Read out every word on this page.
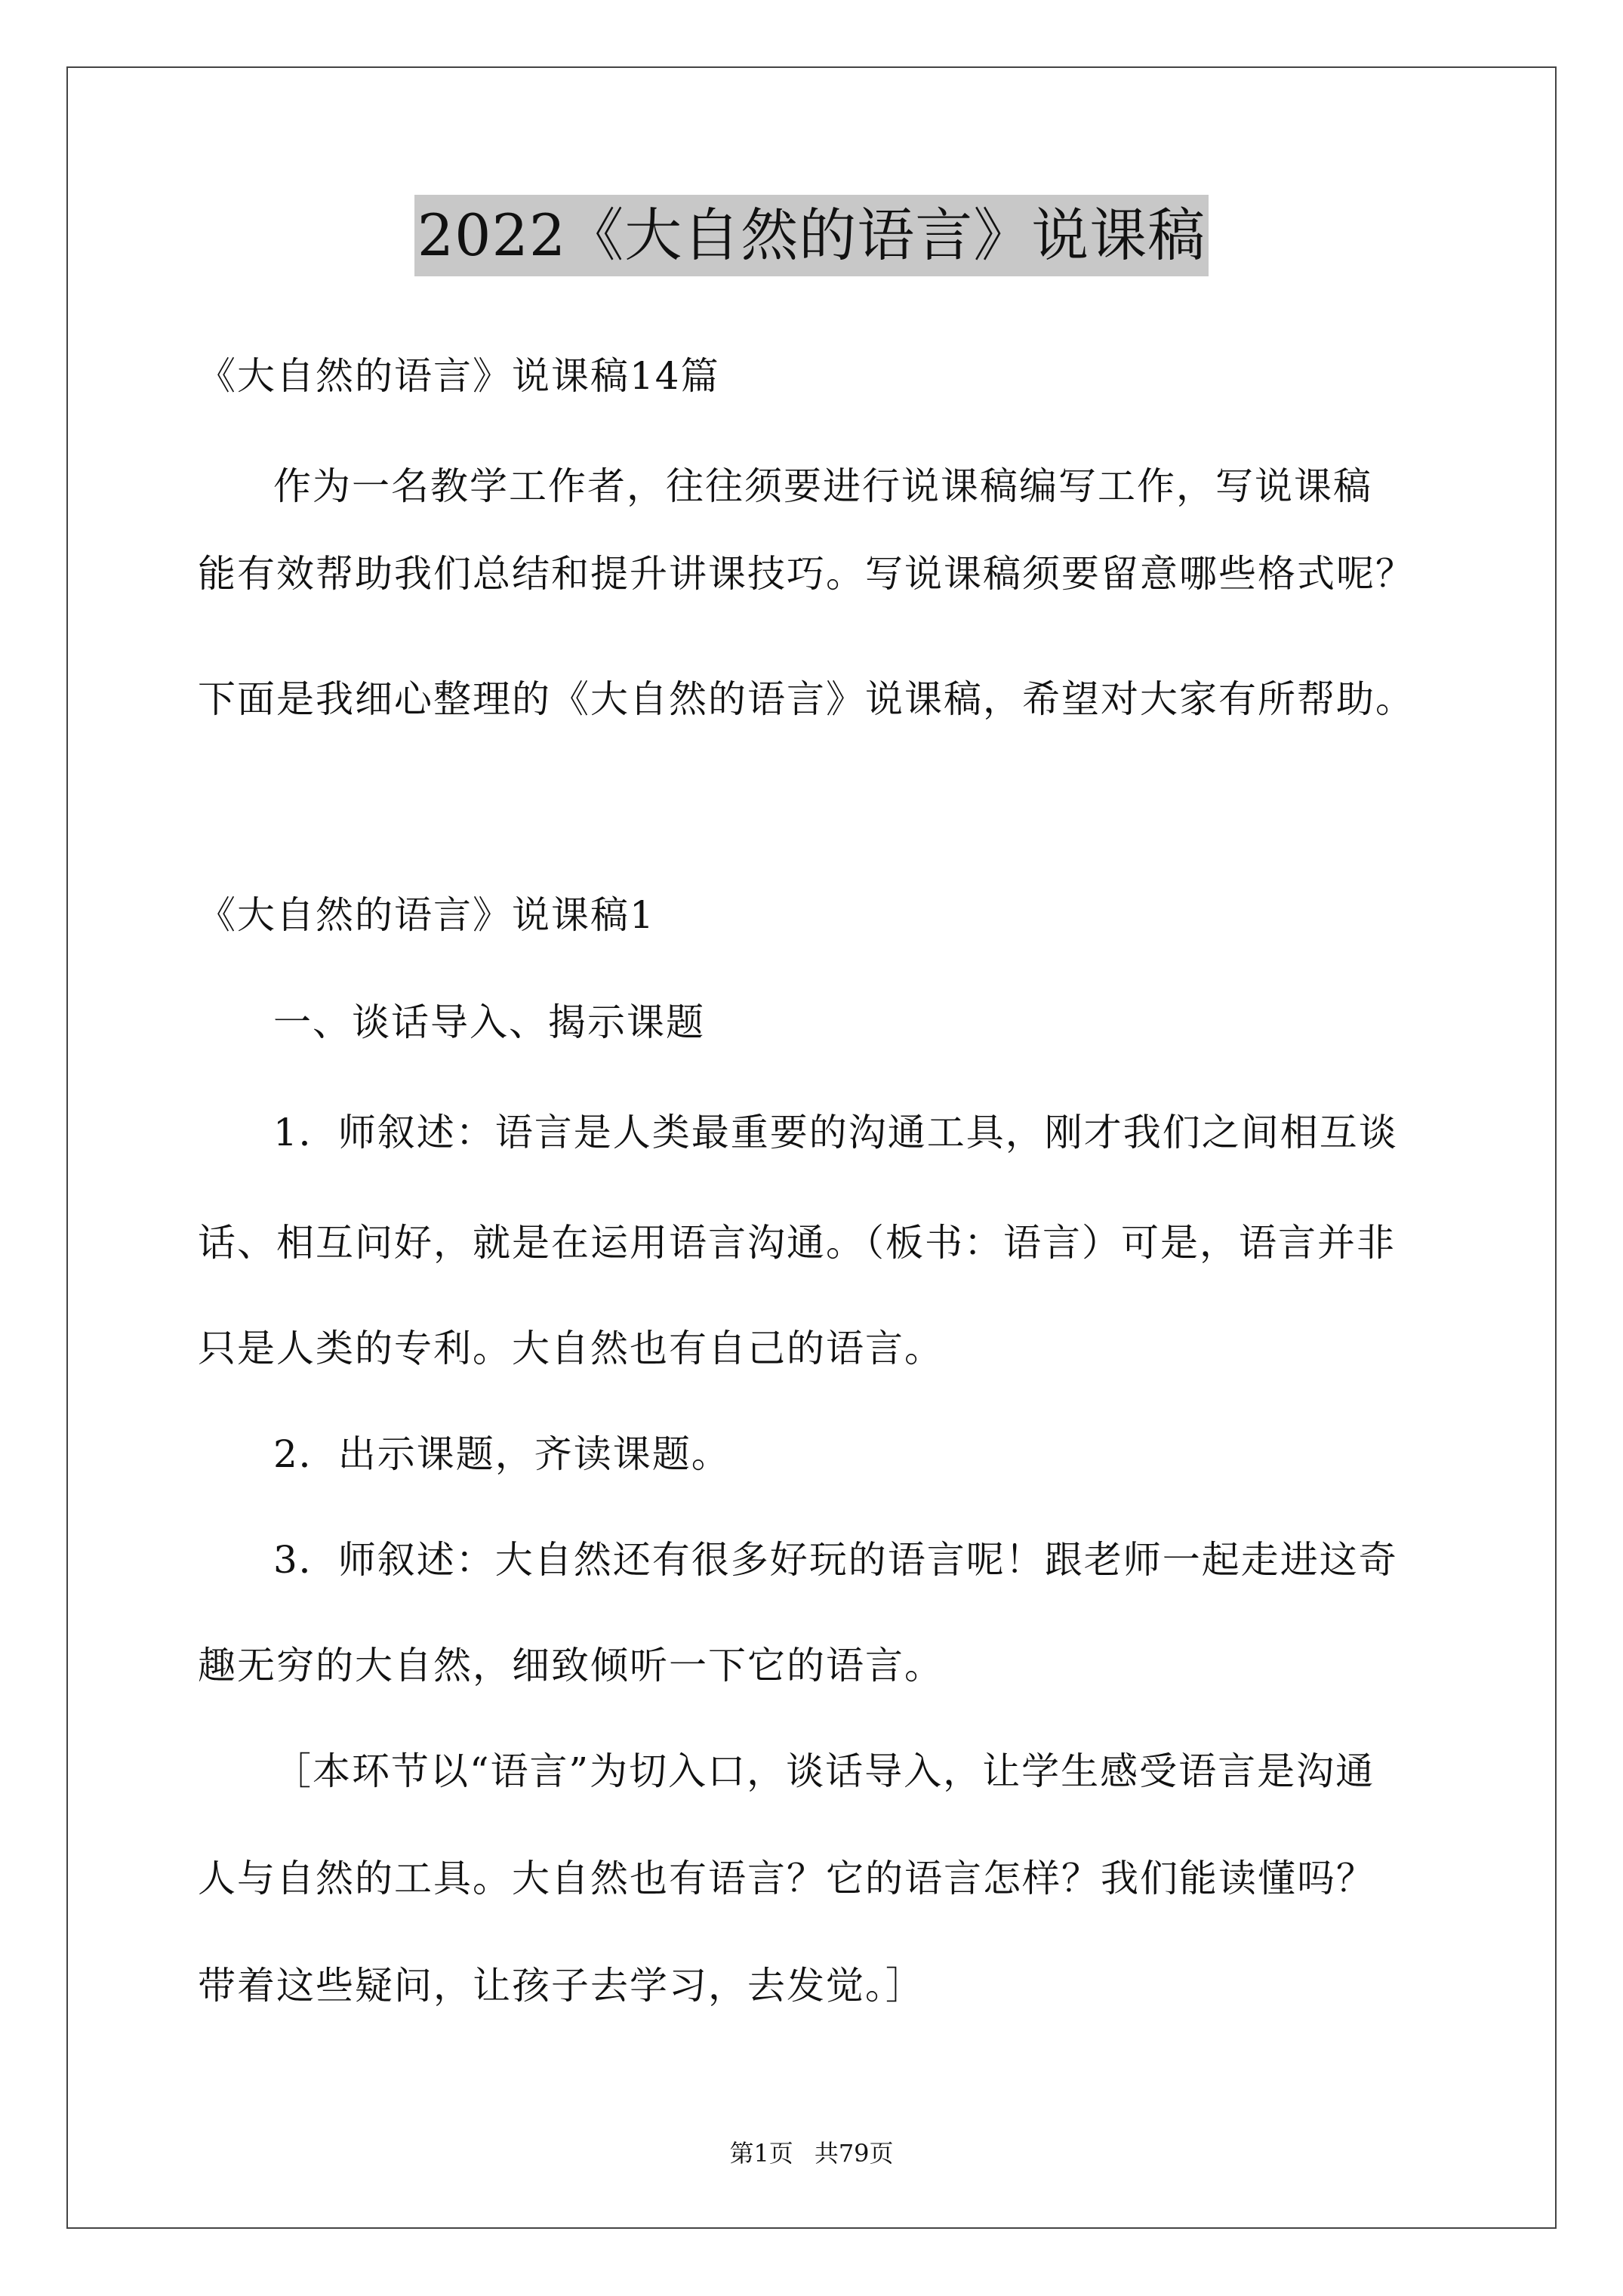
2022《大自然的语言》说课稿
《大自然的语言》说课稿14篇
作为一名教学工作者，往往须要进行说课稿编写工作，写说课稿
能有效帮助我们总结和提升讲课技巧。写说课稿须要留意哪些格式呢？
下面是我细心整理的《大自然的语言》说课稿，希望对大家有所帮助。
《大自然的语言》说课稿1
一、谈话导入、揭示课题
1．师叙述：语言是人类最重要的沟通工具，刚才我们之间相互谈
话、相互问好，就是在运用语言沟通。（板书：语言）可是，语言并非
只是人类的专利。大自然也有自己的语言。
2．出示课题，齐读课题。
3．师叙述：大自然还有很多好玩的语言呢！跟老师一起走进这奇
趣无穷的大自然，细致倾听一下它的语言。
［本环节以“语言”为切入口，谈话导入，让学生感受语言是沟通
人与自然的工具。大自然也有语言？它的语言怎样？我们能读懂吗？
带着这些疑问，让孩子去学习，去发觉。］
第1页 共79页
